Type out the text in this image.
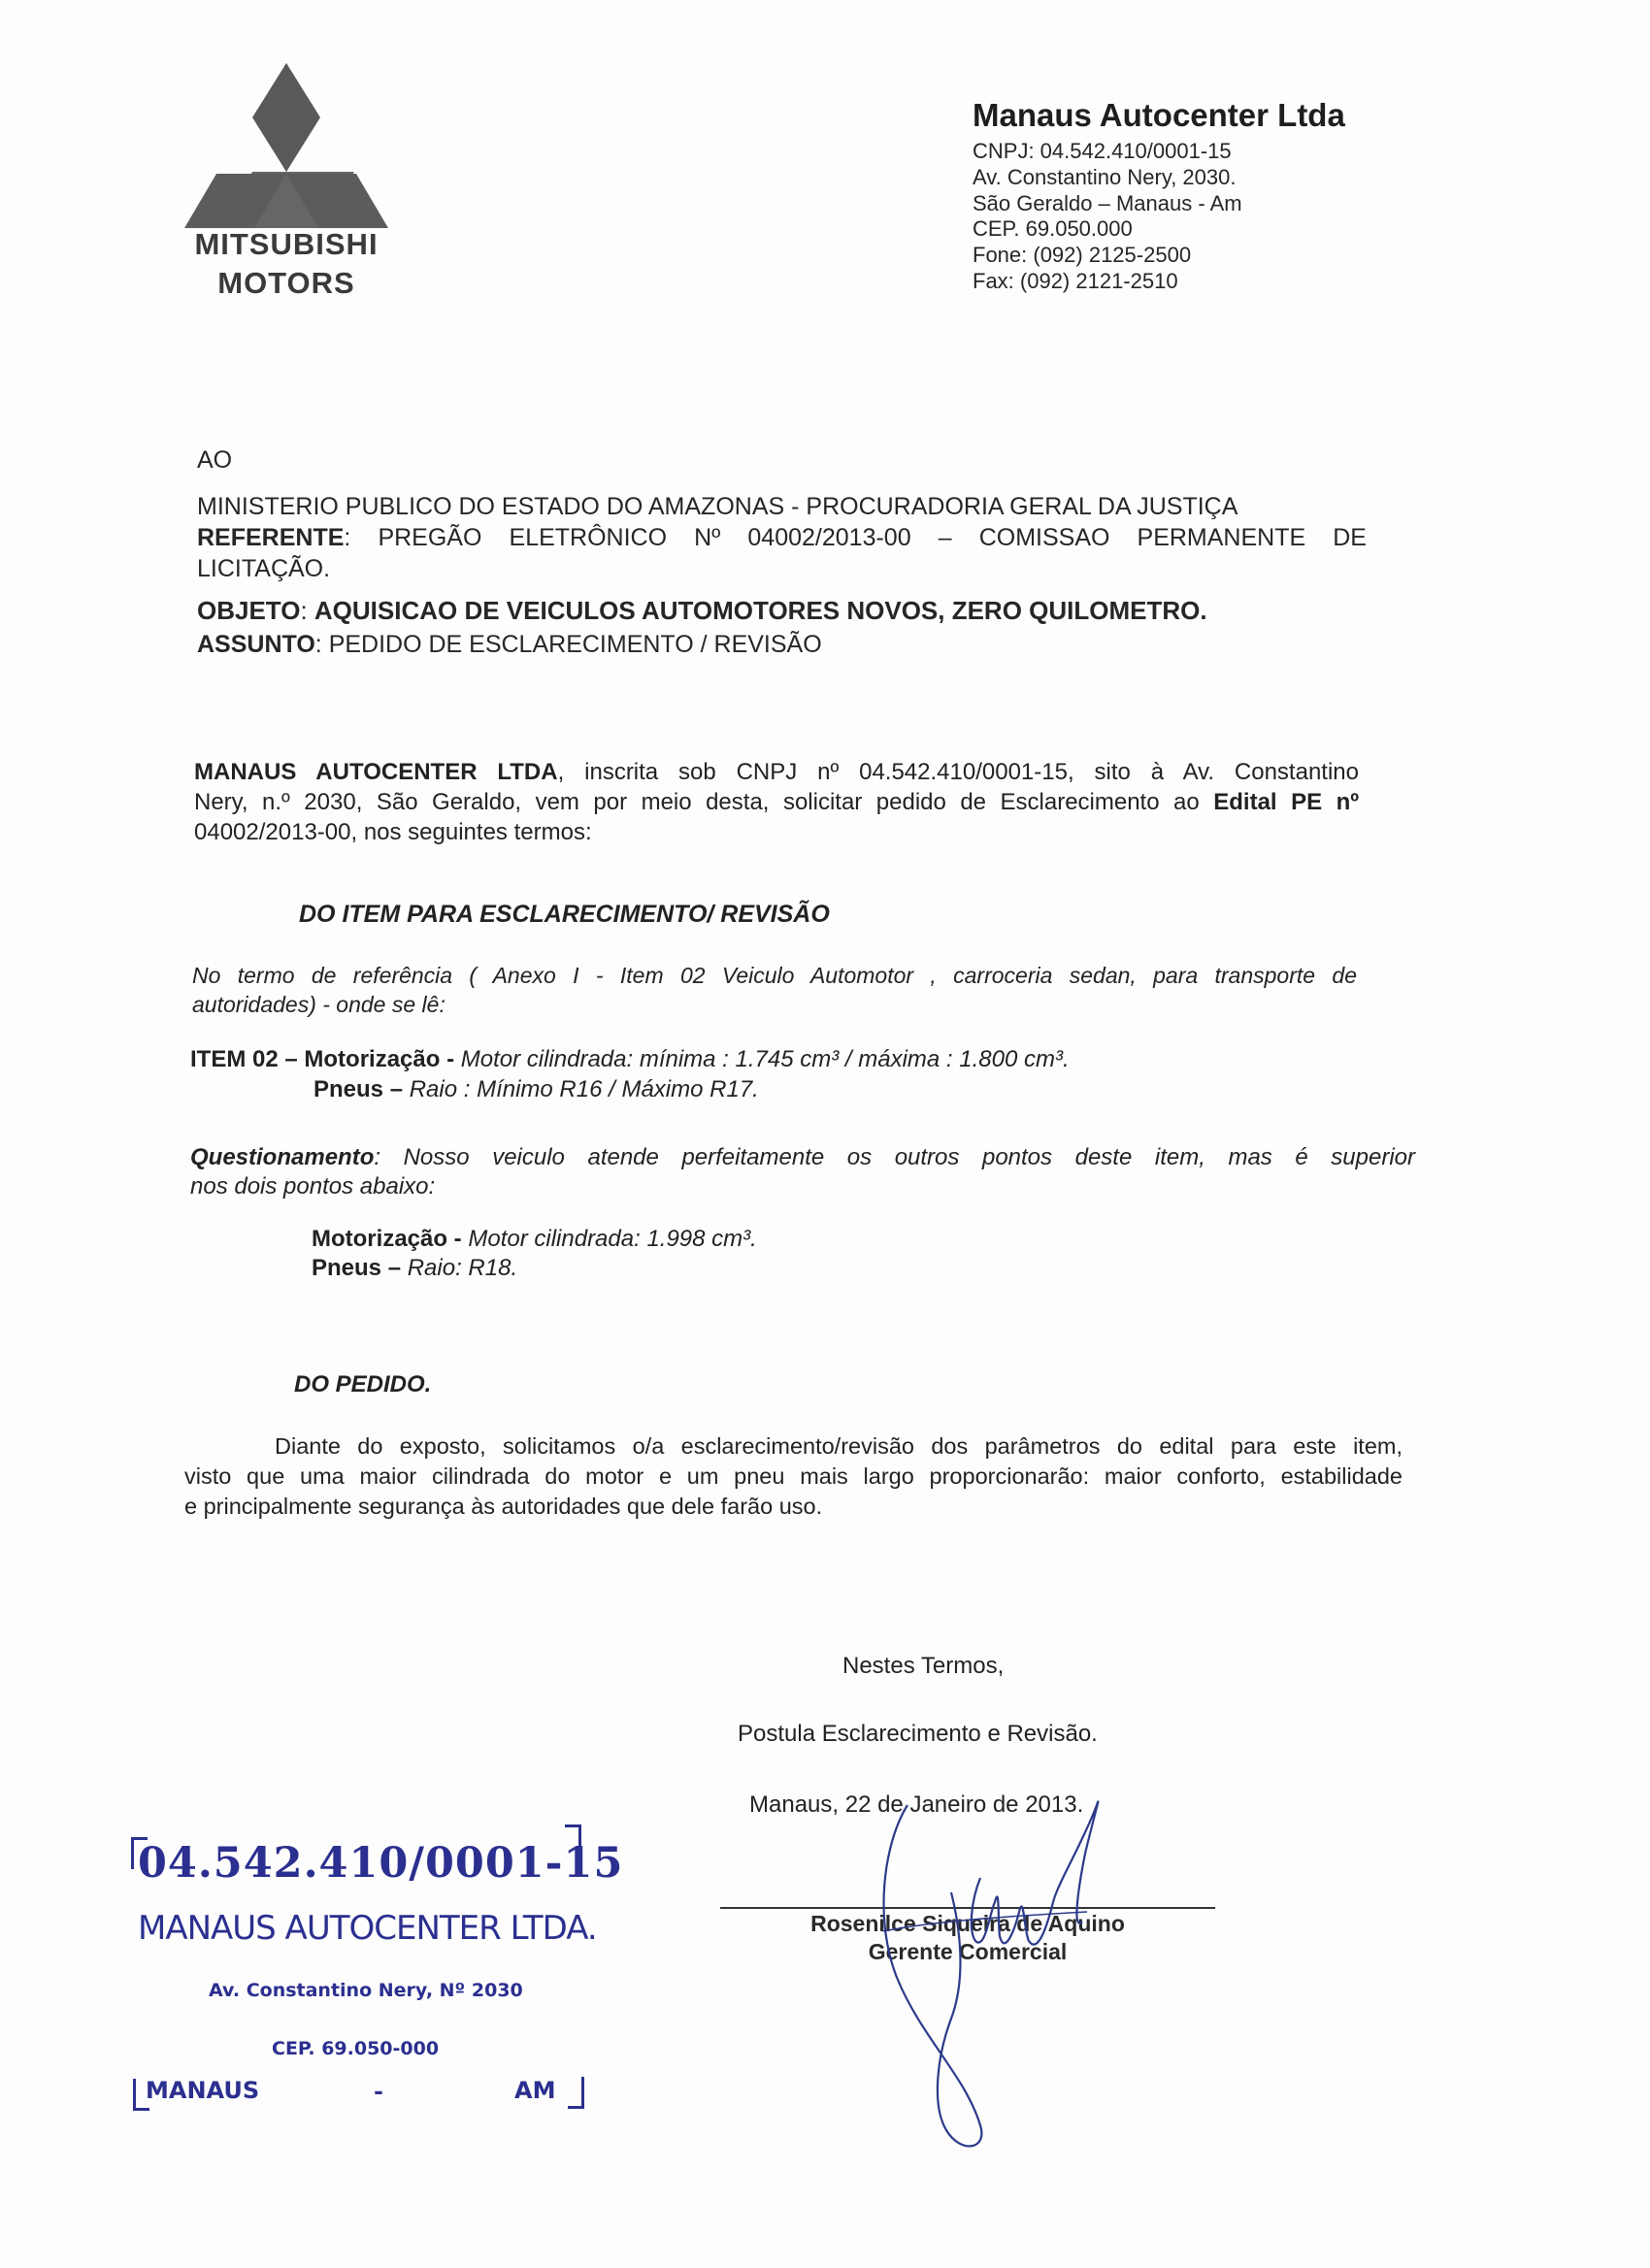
MITSUBISHI
MOTORS
Manaus Autocenter Ltda
CNPJ: 04.542.410/0001-15
Av. Constantino Nery, 2030.
São Geraldo – Manaus - Am
CEP. 69.050.000
Fone: (092) 2125-2500
Fax: (092) 2121-2510
AO
MINISTERIO PUBLICO DO ESTADO DO AMAZONAS - PROCURADORIA GERAL DA JUSTIÇA
REFERENTE: PREGÃO ELETRÔNICO Nº 04002/2013-00 – COMISSAO PERMANENTE DE
LICITAÇÃO.
OBJETO: AQUISICAO DE VEICULOS AUTOMOTORES NOVOS, ZERO QUILOMETRO.
ASSUNTO: PEDIDO DE ESCLARECIMENTO / REVISÃO
MANAUS AUTOCENTER LTDA, inscrita sob CNPJ nº 04.542.410/0001-15, sito à Av. Constantino
Nery, n.º 2030, São Geraldo, vem por meio desta, solicitar pedido de Esclarecimento ao Edital PE nº
04002/2013-00, nos seguintes termos:
DO ITEM PARA ESCLARECIMENTO/ REVISÃO
No termo de referência ( Anexo I - Item 02 Veiculo Automotor , carroceria sedan, para transporte de
autoridades) - onde se lê:
ITEM 02 – Motorização - Motor cilindrada: mínima : 1.745 cm³ / máxima : 1.800 cm³.
Pneus – Raio : Mínimo R16 / Máximo R17.
Questionamento: Nosso veiculo atende perfeitamente os outros pontos deste item, mas é superior
nos dois pontos abaixo:
Motorização - Motor cilindrada: 1.998 cm³.
Pneus – Raio: R18.
DO PEDIDO.
Diante do exposto, solicitamos o/a esclarecimento/revisão dos parâmetros do edital para este item,
visto que uma maior cilindrada do motor e um pneu mais largo proporcionarão: maior conforto, estabilidade
e principalmente segurança às autoridades que dele farão uso.
Nestes Termos,
Postula Esclarecimento e Revisão.
Manaus, 22 de Janeiro de 2013.
Rosenilce Siqueira de Aquino
Gerente Comercial
04.542.410/0001-15
MANAUS AUTOCENTER LTDA.
Av. Constantino Nery, Nº 2030
CEP. 69.050-000
MANAUS	-	AM
